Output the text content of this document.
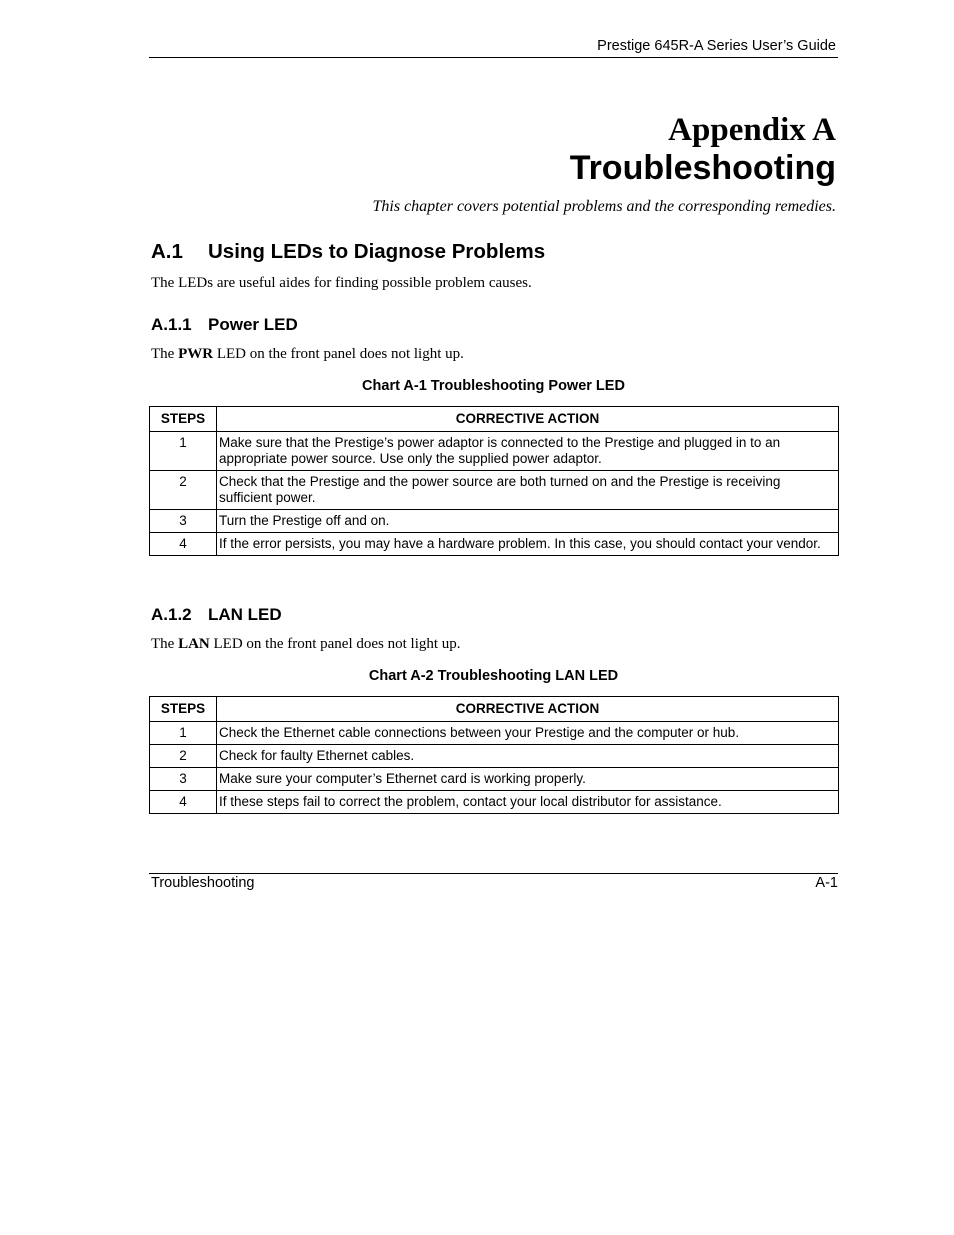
Prestige 645R-A Series User’s Guide
Appendix A
Troubleshooting
This chapter covers potential problems and the corresponding remedies.
A.1 Using LEDs to Diagnose Problems
The LEDs are useful aides for finding possible problem causes.
A.1.1 Power LED
The PWR LED on the front panel does not light up.
Chart A-1 Troubleshooting Power LED
STEPS	CORRECTIVE ACTION
1	Make sure that the Prestige’s power adaptor is connected to the Prestige and plugged in to an appropriate power source. Use only the supplied power adaptor.
2	Check that the Prestige and the power source are both turned on and the Prestige is receiving sufficient power.
3	Turn the Prestige off and on.
4	If the error persists, you may have a hardware problem. In this case, you should contact your vendor.
A.1.2 LAN LED
The LAN LED on the front panel does not light up.
Chart A-2 Troubleshooting LAN LED
STEPS	CORRECTIVE ACTION
1	Check the Ethernet cable connections between your Prestige and the computer or hub.
2	Check for faulty Ethernet cables.
3	Make sure your computer’s Ethernet card is working properly.
4	If these steps fail to correct the problem, contact your local distributor for assistance.
Troubleshooting	A-1
